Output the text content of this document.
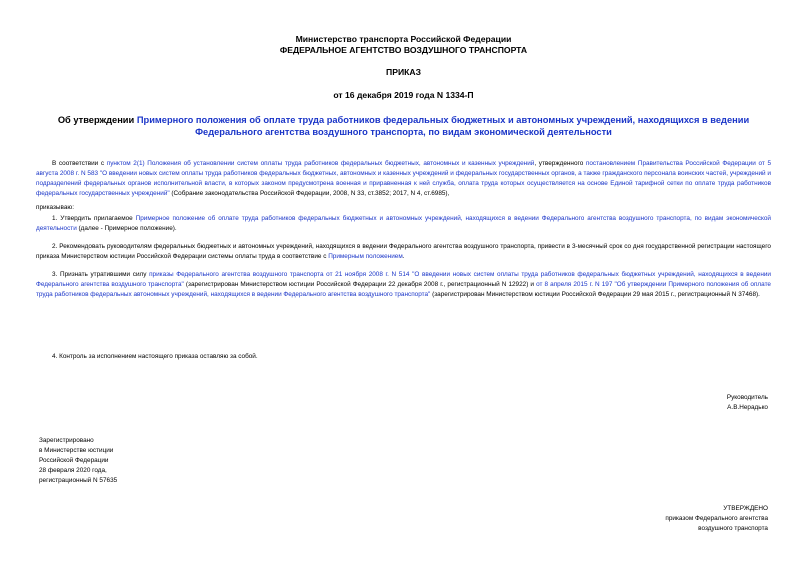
Министерство транспорта Российской Федерации
ФЕДЕРАЛЬНОЕ АГЕНТСТВО ВОЗДУШНОГО ТРАНСПОРТА
ПРИКАЗ
от 16 декабря 2019 года N 1334-П
Об утверждении Примерного положения об оплате труда работников федеральных бюджетных и автономных учреждений, находящихся в ведении Федерального агентства воздушного транспорта, по видам экономической деятельности
В соответствии с пунктом 2(1) Положения об установлении систем оплаты труда работников федеральных бюджетных, автономных и казенных учреждений, утвержденного постановлением Правительства Российской Федерации от 5 августа 2008 г. N 583 "О введении новых систем оплаты труда работников федеральных бюджетных, автономных и казенных учреждений и федеральных государственных органов, а также гражданского персонала воинских частей, учреждений и подразделений федеральных органов исполнительной власти, в которых законом предусмотрена военная и приравненная к ней служба, оплата труда которых осуществляется на основе Единой тарифной сетки по оплате труда работников федеральных государственных учреждений" (Собрание законодательства Российской Федерации, 2008, N 33, ст.3852; 2017, N 4, ст.6985),
приказываю:
1. Утвердить прилагаемое Примерное положение об оплате труда работников федеральных бюджетных и автономных учреждений, находящихся в ведении Федерального агентства воздушного транспорта, по видам экономической деятельности (далее - Примерное положение).
2. Рекомендовать руководителям федеральных бюджетных и автономных учреждений, находящихся в ведении Федерального агентства воздушного транспорта, привести в 3-месячный срок со дня государственной регистрации настоящего приказа Министерством юстиции Российской Федерации системы оплаты труда в соответствие с Примерным положением.
3. Признать утратившими силу приказы Федерального агентства воздушного транспорта от 21 ноября 2008 г. N 514 "О введении новых систем оплаты труда работников федеральных бюджетных учреждений, находящихся в ведении Федерального агентства воздушного транспорта" (зарегистрирован Министерством юстиции Российской Федерации 22 декабря 2008 г., регистрационный N 12922) и от 8 апреля 2015 г. N 197 "Об утверждении Примерного положения об оплате труда работников федеральных автономных учреждений, находящихся в ведении Федерального агентства воздушного транспорта" (зарегистрирован Министерством юстиции Российской Федерации 29 мая 2015 г., регистрационный N 37468).
4. Контроль за исполнением настоящего приказа оставляю за собой.
Руководитель
А.В.Нерадько
Зарегистрировано
в Министерстве юстиции
Российской Федерации
28 февраля 2020 года,
регистрационный N 57635
УТВЕРЖДЕНО
приказом Федерального агентства
воздушного транспорта
